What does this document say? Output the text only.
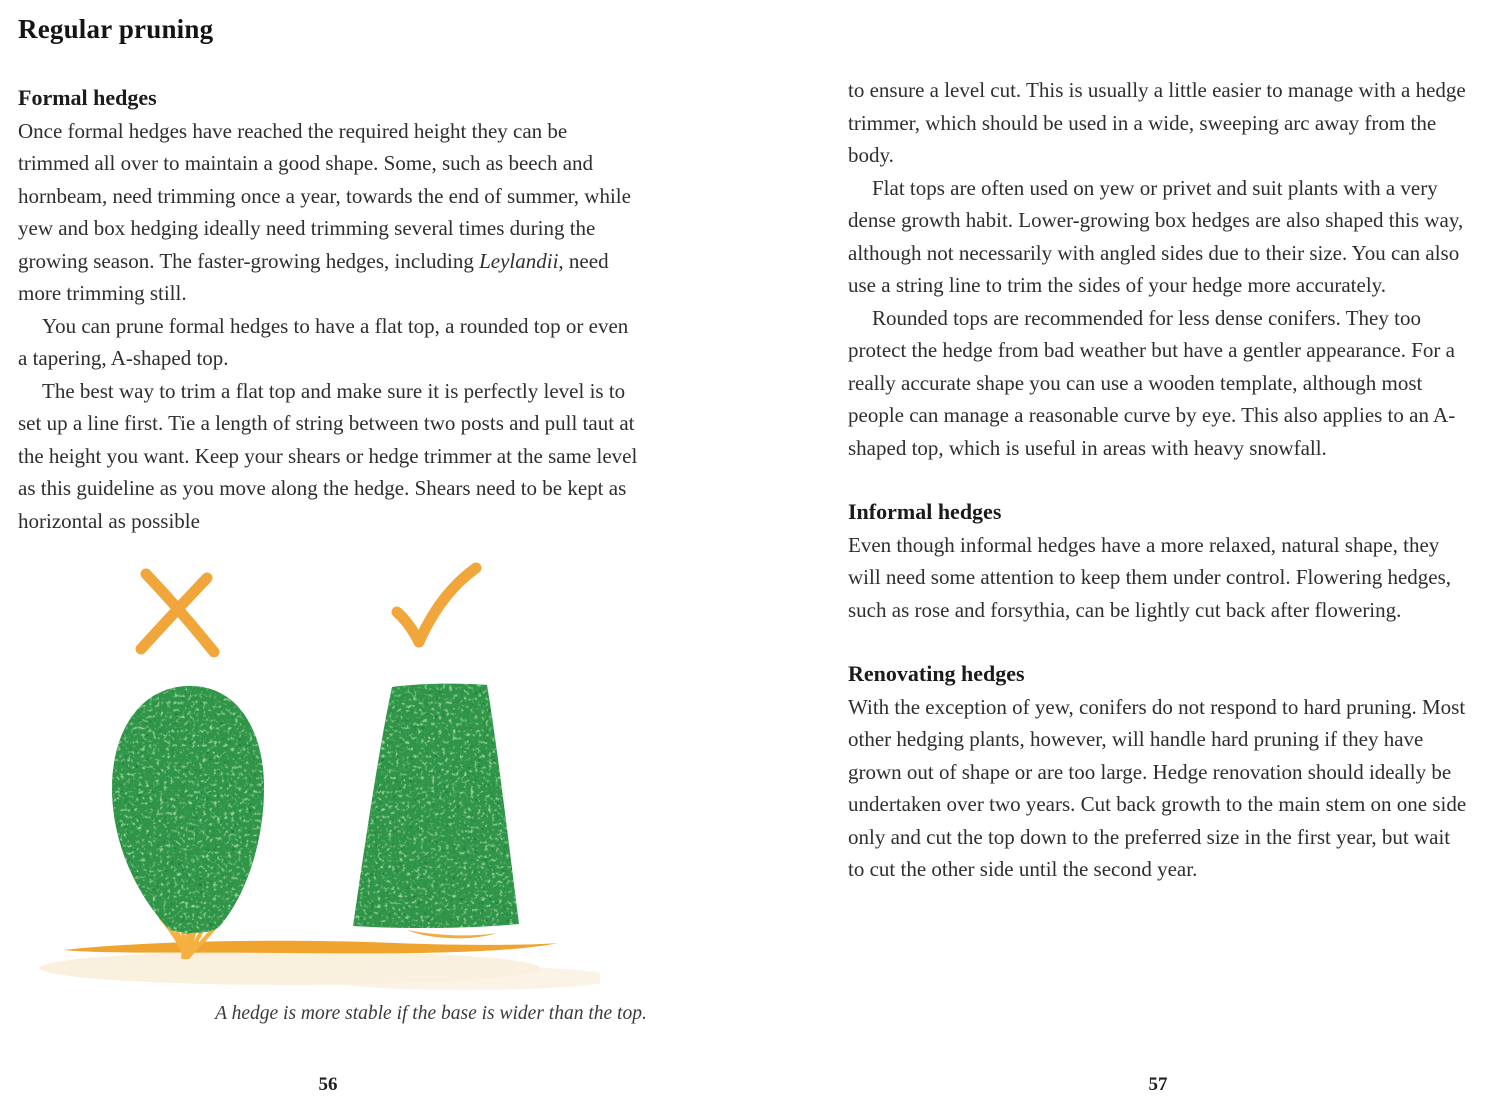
Regular pruning
Formal hedges

Once formal hedges have reached the required height they can be trimmed all over to maintain a good shape. Some, such as beech and hornbeam, need trimming once a year, towards the end of summer, while yew and box hedging ideally need trimming several times during the growing season. The faster-growing hedges, including Leylandii, need more trimming still.

You can prune formal hedges to have a flat top, a rounded top or even a tapering, A-shaped top.

The best way to trim a flat top and make sure it is perfectly level is to set up a line first. Tie a length of string between two posts and pull taut at the height you want. Keep your shears or hedge trimmer at the same level as this guideline as you move along the hedge. Shears need to be kept as horizontal as possible

A hedge is more stable if the base is wider than the top.

to ensure a level cut. This is usually a little easier to manage with a hedge trimmer, which should be used in a wide, sweeping arc away from the body.

Flat tops are often used on yew or privet and suit plants with a very dense growth habit. Lower-growing box hedges are also shaped this way, although not necessarily with angled sides due to their size. You can also use a string line to trim the sides of your hedge more accurately.

Rounded tops are recommended for less dense conifers. They too protect the hedge from bad weather but have a gentler appearance. For a really accurate shape you can use a wooden template, although most people can manage a reasonable curve by eye. This also applies to an A-shaped top, which is useful in areas with heavy snowfall.

Informal hedges

Even though informal hedges have a more relaxed, natural shape, they will need some attention to keep them under control. Flowering hedges, such as rose and forsythia, can be lightly cut back after flowering.

Renovating hedges

With the exception of yew, conifers do not respond to hard pruning. Most other hedging plants, however, will handle hard pruning if they have grown out of shape or are too large. Hedge renovation should ideally be undertaken over two years. Cut back growth to the main stem on one side only and cut the top down to the preferred size in the first year, but wait to cut the other side until the second year.

56	57
